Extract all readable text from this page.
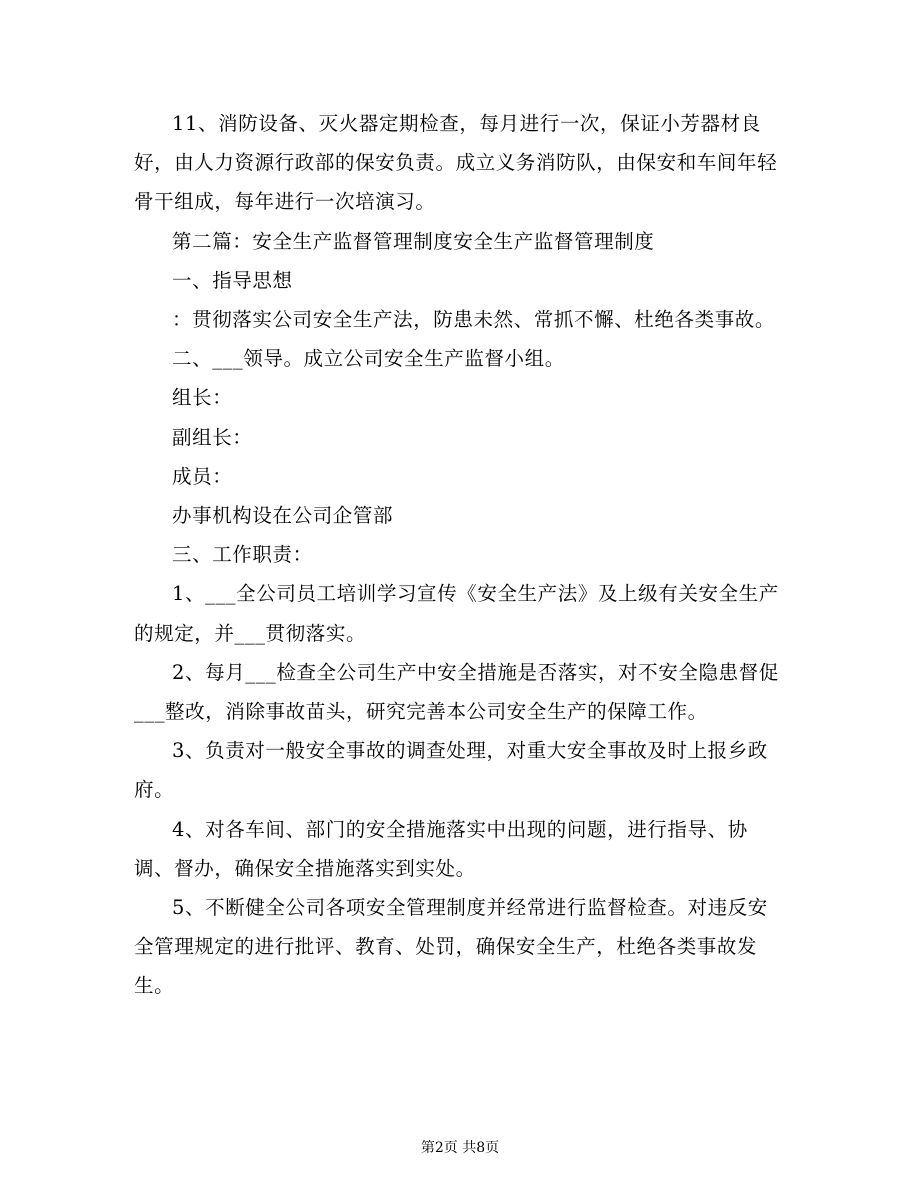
11、消防设备、灭火器定期检查，每月进行一次，保证小芳器材良好，由人力资源行政部的保安负责。成立义务消防队，由保安和车间年轻骨干组成，每年进行一次培演习。

第二篇：安全生产监督管理制度安全生产监督管理制度

一、指导思想

：贯彻落实公司安全生产法，防患未然、常抓不懈、杜绝各类事故。

二、___领导。成立公司安全生产监督小组。

组长：

副组长：

成员：

办事机构设在公司企管部

三、工作职责：

1、___全公司员工培训学习宣传《安全生产法》及上级有关安全生产的规定，并___贯彻落实。

2、每月___检查全公司生产中安全措施是否落实，对不安全隐患督促___整改，消除事故苗头，研究完善本公司安全生产的保障工作。

3、负责对一般安全事故的调查处理，对重大安全事故及时上报乡政府。

4、对各车间、部门的安全措施落实中出现的问题，进行指导、协调、督办，确保安全措施落实到实处。

5、不断健全公司各项安全管理制度并经常进行监督检查。对违反安全管理规定的进行批评、教育、处罚，确保安全生产，杜绝各类事故发生。

第2页 共8页
